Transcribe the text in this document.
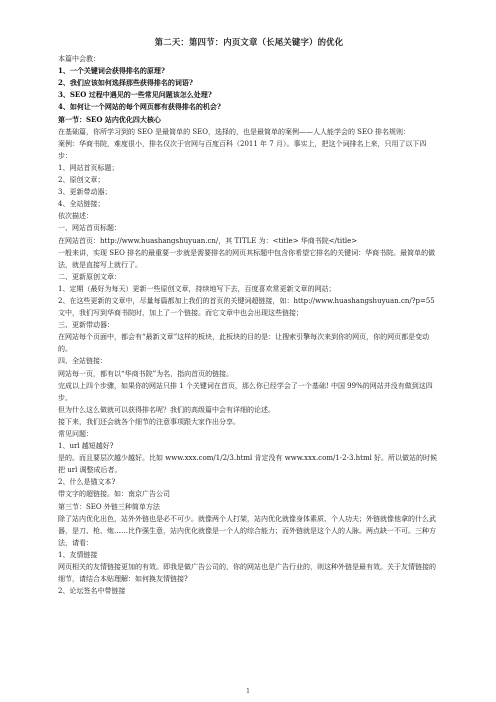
第二天：第四节：内页文章（长尾关键字）的优化
本篇中会教：
1、一个关键词会获得排名的原理?
2、我们应该如何选择那些获得排名的词语?
3、SEO 过程中遇见的一些常见问题该怎么处理?
4、如何让一个网站的每个网页都有获得排名的机会?
第一节：SEO 站内优化四大核心
在基础篇，你所学习到的 SEO 是最简单的 SEO，选择的，也是最简单的案例——人人能学会的 SEO 排名规则：
案例：华商书院，难度很小，排名仅次于官网与百度百科（2011 年 7 月）。事实上，把这个词排名上来，只用了以下四步：
1、网站首页标题；
2、原创文章；
3、更新带动器；
4、全站链接；
依次描述：
一、网站首页标题：
在网站首页：http://www.huashangshuyuan.cn/，其 TITLE 为：<title> 华商书院</title>
一般来讲，实现 SEO 排名的最重要一步就是需要排名的网页其标题中包含你希望它排名的关键词：华商书院。最简单的做法，就是直接写上就行了。
二、更新原创文章：
1、定期（最好为每天）更新一些原创文章，持续地写下去，百度喜欢常更新文章的网站；
2、在这些更新的文章中，尽量每篇都加上我们的首页的关键词超链接，如：http://www.huashangshuyuan.cn/?p=55 文中，我们写到华商书院时，加上了一个链接。而它文章中也会出现这些链接；
三、更新带动器：
在网站每个页面中，都会有“最新文章”这样的板块，此板块的目的是：让搜索引擎每次来到你的网页，你的网页都是变动的。
四、全站链接：
网站每一页，都有以“华商书院”为名，指向首页的链接。
完成以上四个步骤，如果你的网站只排 1 个关键词在首页，那么你已经学会了一个基础! 中国 99%的网站并没有做到这四步。
但为什么这么做就可以获得排名呢？我们的高级篇中会有详细的论述。
接下来，我们还会就各个细节的注意事项跟大家作出分享。
常见问题：
1、url 越短越好?
是的。而且要层次越少越好。比如 www.xxx.com/1/2/3.html 肯定没有 www.xxx.com/1-2-3.html 好。所以做站的时候把 url 调整成后者。
2、什么是锚文本?
带文字的超链接。如：南京广告公司
第三节：SEO 外链三种简单方法
除了站内优化出色，站外外链也是必不可少。就像两个人打架，站内优化就像身体素质、个人功夫；外链就像他拿的什么武器，是刀、枪、炮……比作强生意，站内优化就像是一个人的综合能力；而外链就是这个人的人脉。两点缺一不可。三种方法，请看：
1、友情链接
网页相关的友情链接更加的有效。即我是做广告公司的，你的网站也是广告行业的，则这种外链是最有效。关于友情链接的细节，请结合本贴理解：如何换友情链接?
2、论坛签名中带链接
1
